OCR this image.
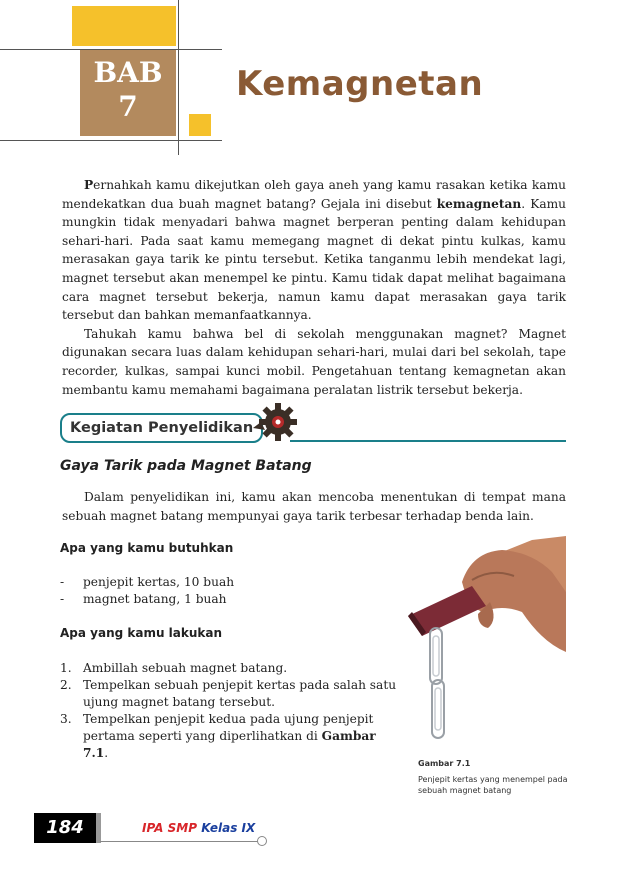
BAB
7
Kemagnetan

Pernahkah kamu dikejutkan oleh gaya aneh yang kamu rasakan ketika kamu mendekatkan dua buah magnet batang? Gejala ini disebut kemagnetan. Kamu mungkin tidak menyadari bahwa magnet berperan penting dalam kehidupan sehari-hari. Pada saat kamu memegang magnet di dekat pintu kulkas, kamu merasakan gaya tarik ke pintu tersebut. Ketika tanganmu lebih mendekat lagi, magnet tersebut akan menempel ke pintu. Kamu tidak dapat melihat bagaimana cara magnet tersebut bekerja, namun kamu dapat merasakan gaya tarik tersebut dan bahkan memanfaatkannya.

Tahukah kamu bahwa bel di sekolah menggunakan magnet? Magnet digunakan secara luas dalam kehidupan sehari-hari, mulai dari bel sekolah, tape recorder, kulkas, sampai kunci mobil. Pengetahuan tentang kemagnetan akan membantu kamu memahami bagaimana peralatan listrik tersebut bekerja.

Kegiatan Penyelidikan
Gaya Tarik pada Magnet Batang

Dalam penyelidikan ini, kamu akan mencoba menentukan di tempat mana sebuah magnet batang mempunyai gaya tarik terbesar terhadap benda lain.

Apa yang kamu butuhkan
- penjepit kertas, 10 buah
- magnet batang, 1 buah
Apa yang kamu lakukan
1. Ambillah sebuah magnet batang.
2. Tempelkan sebuah penjepit kertas pada salah satu ujung magnet batang tersebut.
3. Tempelkan penjepit kedua pada ujung penjepit pertama seperti yang diperlihatkan di Gambar 7.1.
Gambar 7.1
Penjepit kertas yang menempel pada sebuah magnet batang
184	IPA SMP Kelas IX
